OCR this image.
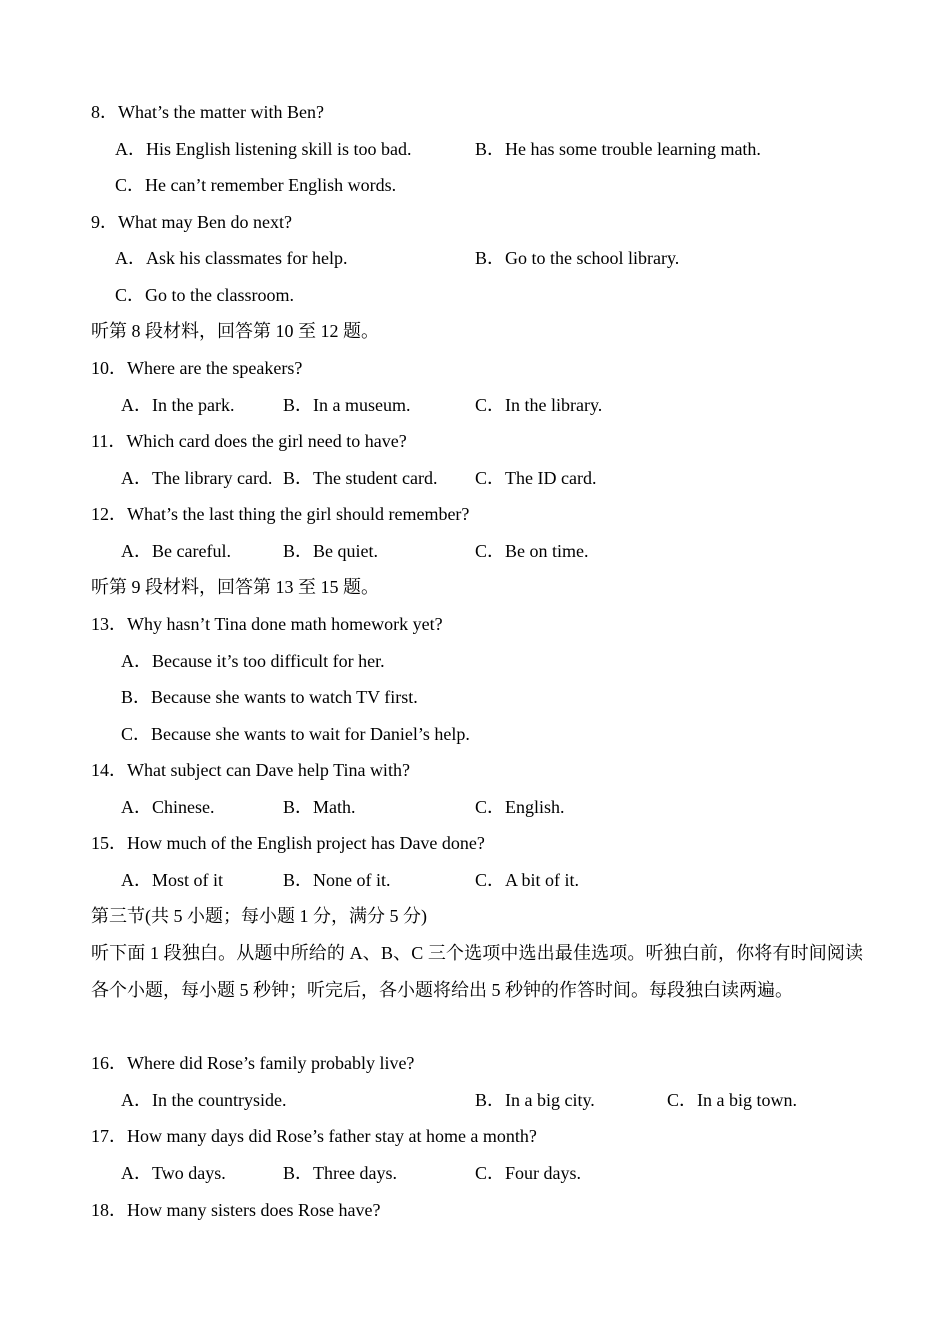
8．What’s the matter with Ben?
A．His English listening skill is too bad.	B．He has some trouble learning math.
C．He can’t remember English words.
9．What may Ben do next?
A．Ask his classmates for help.	B．Go to the school library.
C．Go to the classroom.
听第 8 段材料，回答第 10 至 12 题。
10．Where are the speakers?
A．In the park.	B．In a museum.	C．In the library.
11．Which card does the girl need to have?
A．The library card. B．The student card. C．The ID card.
12．What’s the last thing the girl should remember?
A．Be careful.	B．Be quiet.	C．Be on time.
听第 9 段材料，回答第 13 至 15 题。
13．Why hasn’t Tina done math homework yet?
A．Because it’s too difficult for her.
B．Because she wants to watch TV first.
C．Because she wants to wait for Daniel’s help.
14．What subject can Dave help Tina with?
A．Chinese.	B．Math.	C．English.
15．How much of the English project has Dave done?
A．Most of it	B．None of it.	C．A bit of it.
第三节(共 5 小题；每小题 1 分，满分 5 分)
听下面 1 段独白。从题中所给的 A、B、C 三个选项中选出最佳选项。听独白前，你将有时间阅读各个小题，每小题 5 秒钟；听完后，各小题将给出 5 秒钟的作答时间。每段独白读两遍。
16．Where did Rose’s family probably live?
A．In the countryside.	B．In a big city.	C．In a big town.
17．How many days did Rose’s father stay at home a month?
A．Two days.	B．Three days.	C．Four days.
18．How many sisters does Rose have?
